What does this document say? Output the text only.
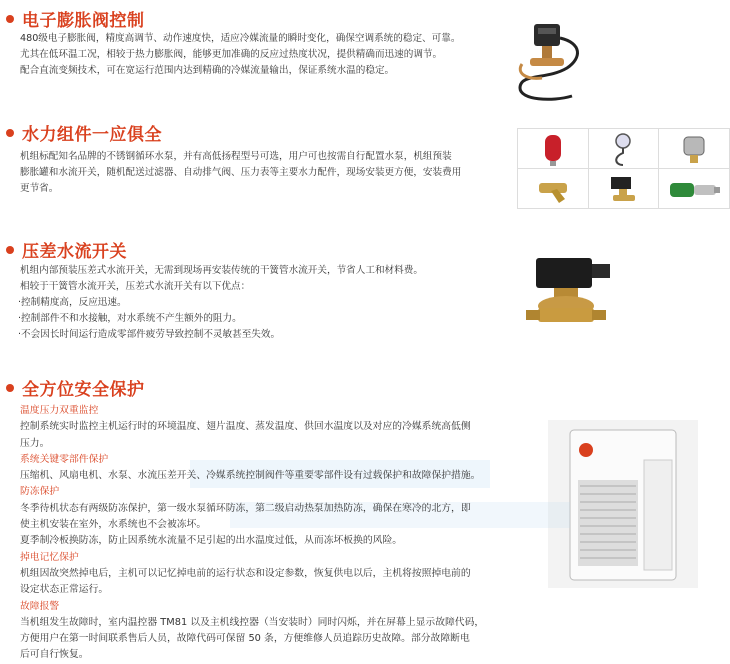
电子膨胀阀控制
480级电子膨胀阀，精度高调节、动作速度快，适应冷媒流量的瞬时变化，确保空调系统的稳定、可靠。
尤其在低环温工况，相较于热力膨胀阀，能够更加准确的反应过热度状况，提供精确而迅速的调节。
配合直流变频技术，可在宽运行范围内达到精确的冷媒流量输出，保证系统水温的稳定。
水力组件一应俱全
机组标配知名品牌的不锈钢循环水泵，并有高低扬程型号可选，用户可也按需自行配置水泵，机组预装
膨胀罐和水流开关，随机配送过滤器、自动排气阀、压力表等主要水力配件，现场安装更方便，安装费用
更节省。
压差水流开关
机组内部预装压差式水流开关，无需到现场再安装传统的干簧管水流开关，节省人工和材料费。
相较于干簧管水流开关，压差式水流开关有以下优点：
·控制精度高，反应迅速。
·控制部件不和水接触，对水系统不产生额外的阻力。
·不会因长时间运行造成零部件疲劳导致控制不灵敏甚至失效。
全方位安全保护
温度压力双重监控
控制系统实时监控主机运行时的环境温度、翅片温度、蒸发温度、供回水温度以及对应的冷媒系统高低侧
压力。
系统关键零部件保护
压缩机、风扇电机、水泵、水流压差开关、冷媒系统控制阀件等重要零部件设有过载保护和故障保护措施。
防冻保护
冬季待机状态有两级防冻保护，第一级水泵循环防冻，第二级启动热泵加热防冻，确保在寒冷的北方，即
使主机安装在室外，水系统也不会被冻坏。
夏季制冷板换防冻，防止因系统水流量不足引起的出水温度过低，从而冻坏板换的风险。
掉电记忆保护
机组因故突然掉电后，主机可以记忆掉电前的运行状态和设定参数，恢复供电以后，主机将按照掉电前的
设定状态正常运行。
故障报警
当机组发生故障时，室内温控器 TM81 以及主机线控器（当安装时）同时闪烁，并在屏幕上显示故障代码，
方便用户在第一时间联系售后人员，故障代码可保留 50 条，方便维修人员追踪历史故障。部分故障断电
后可自行恢复。
